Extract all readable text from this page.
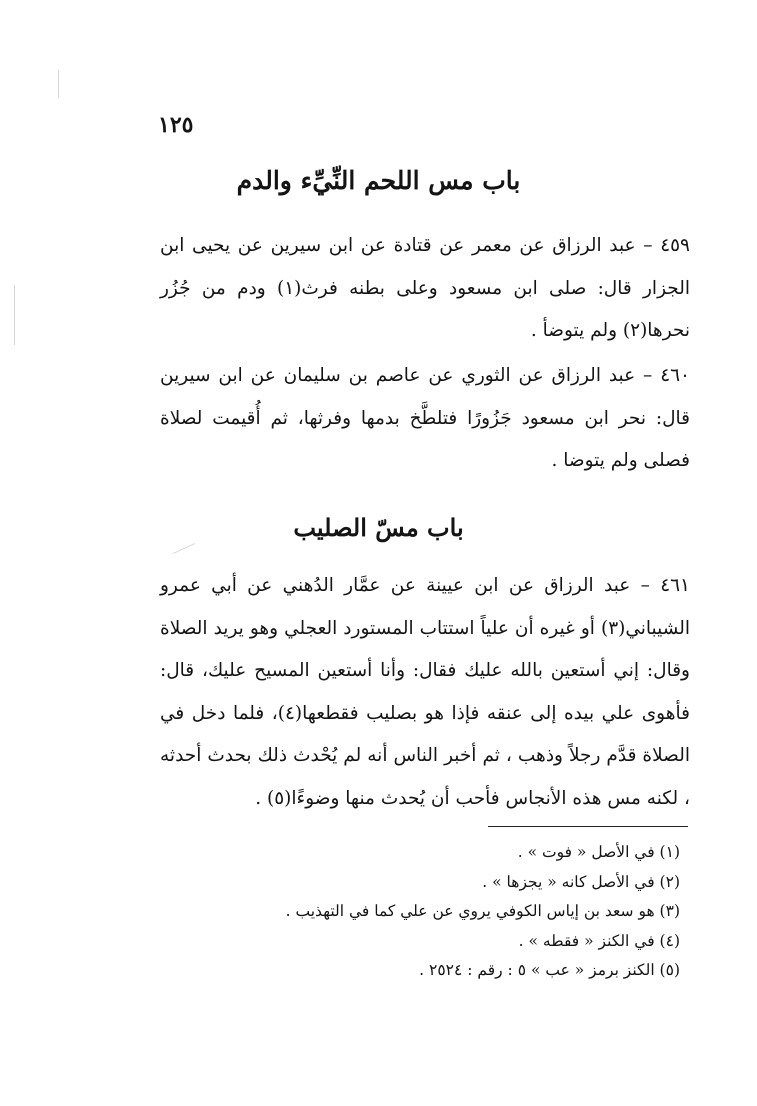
١٢٥
باب مس اللحم النِّيِّء والدم
٤٥٩ – عبد الرزاق عن معمر عن قتادة عن ابن سيرين عن يحيى ابن الجزار قال: صلى ابن مسعود وعلى بطنه فرث(١) ودم من جُزُر نحرها(٢) ولم يتوضأ .
٤٦٠ – عبد الرزاق عن الثوري عن عاصم بن سليمان عن ابن سيرين قال: نحر ابن مسعود جَزُورًا فتلطَّخ بدمها وفرثها، ثم أُقيمت لصلاة فصلى ولم يتوضا .
باب مسّ الصليب
٤٦١ – عبد الرزاق عن ابن عيينة عن عمَّار الدُهني عن أبي عمرو الشيباني(٣) أو غيره أن علياً استتاب المستورد العجلي وهو يريد الصلاة وقال: إني أستعين بالله عليك فقال: وأنا أستعين المسيح عليك، قال: فأهوى علي بيده إلى عنقه فإذا هو بصليب فقطعها(٤)، فلما دخل في الصلاة قدَّم رجلاً وذهب ، ثم أخبر الناس أنه لم يُحْدث ذلك بحدث أحدثه ، لكنه مس هذه الأنجاس فأحب أن يُحدث منها وضوءًا(٥) .
(١) في الأصل « فوت » .
(٢) في الأصل كانه « يجزها » .
(٣) هو سعد بن إياس الكوفي يروي عن علي كما في التهذيب .
(٤) في الكنز « فقطه » .
(٥) الكنز برمز « عب » ٥ : رقم : ٢٥٢٤ .
